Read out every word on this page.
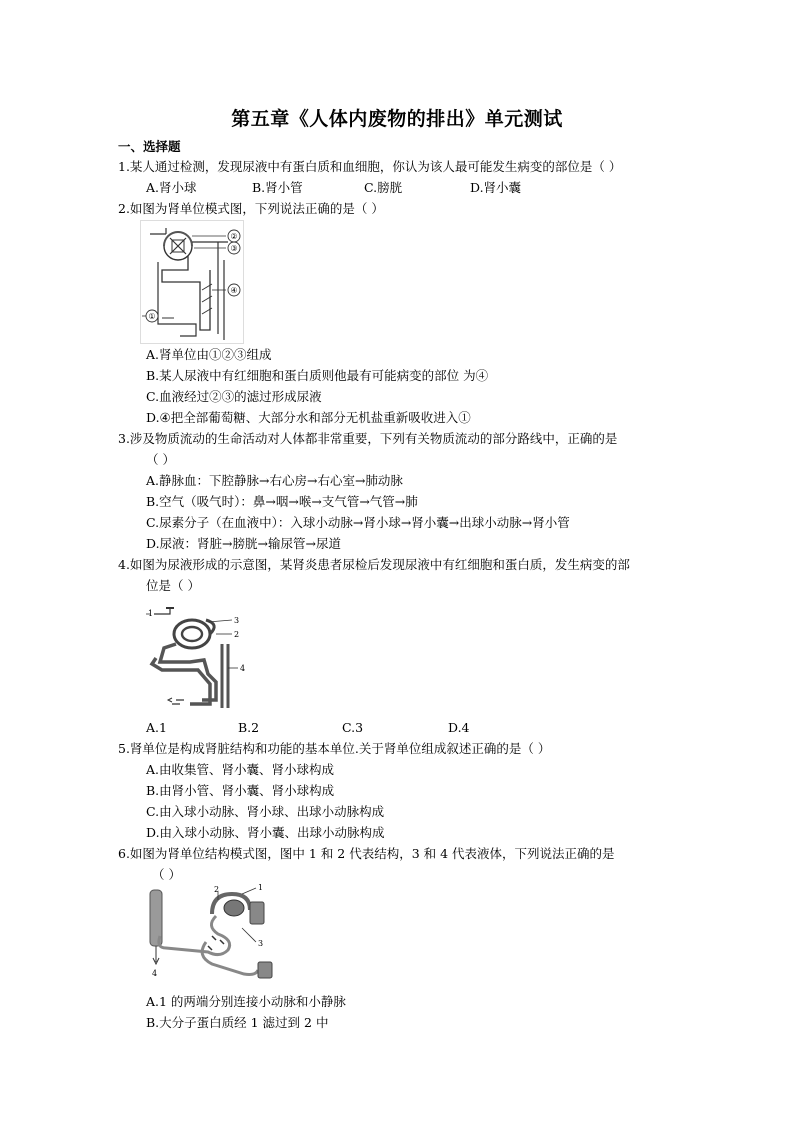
第五章《人体内废物的排出》单元测试
一、选择题
1.某人通过检测，发现尿液中有蛋白质和血细胞，你认为该人最可能发生病变的部位是（ ）
A.肾小球	B.肾小管	C.膀胱	D.肾小囊
2.如图为肾单位模式图，下列说法正确的是（ ）
②
③
④
①
A.肾单位由①②③组成
B.某人尿液中有红细胞和蛋白质则他最有可能病变的部位 为④
C.血液经过②③的滤过形成尿液
D.④把全部葡萄糖、大部分水和部分无机盐重新吸收进入①
3.涉及物质流动的生命活动对人体都非常重要，下列有关物质流动的部分路线中，正确的是
（ ）
A.静脉血：下腔静脉→右心房→右心室→肺动脉
B.空气（吸气时）：鼻→咽→喉→支气管→气管→肺
C.尿素分子（在血液中）：入球小动脉→肾小球→肾小囊→出球小动脉→肾小管
D.尿液：肾脏→膀胱→输尿管→尿道
4.如图为尿液形成的示意图，某肾炎患者尿检后发现尿液中有红细胞和蛋白质，发生病变的部
位是（ ）
1
2
3
4
A.1	B.2	C.3	D.4
5.肾单位是构成肾脏结构和功能的基本单位.关于肾单位组成叙述正确的是（ ）
A.由收集管、肾小囊、肾小球构成
B.由肾小管、肾小囊、肾小球构成
C.由入球小动脉、肾小球、出球小动脉构成
D.由入球小动脉、肾小囊、出球小动脉构成
6.如图为肾单位结构模式图，图中 1 和 2 代表结构，3 和 4 代表液体，下列说法正确的是
（ ）
2	1
3
4
A.1 的两端分别连接小动脉和小静脉
B.大分子蛋白质经 1 滤过到 2 中
